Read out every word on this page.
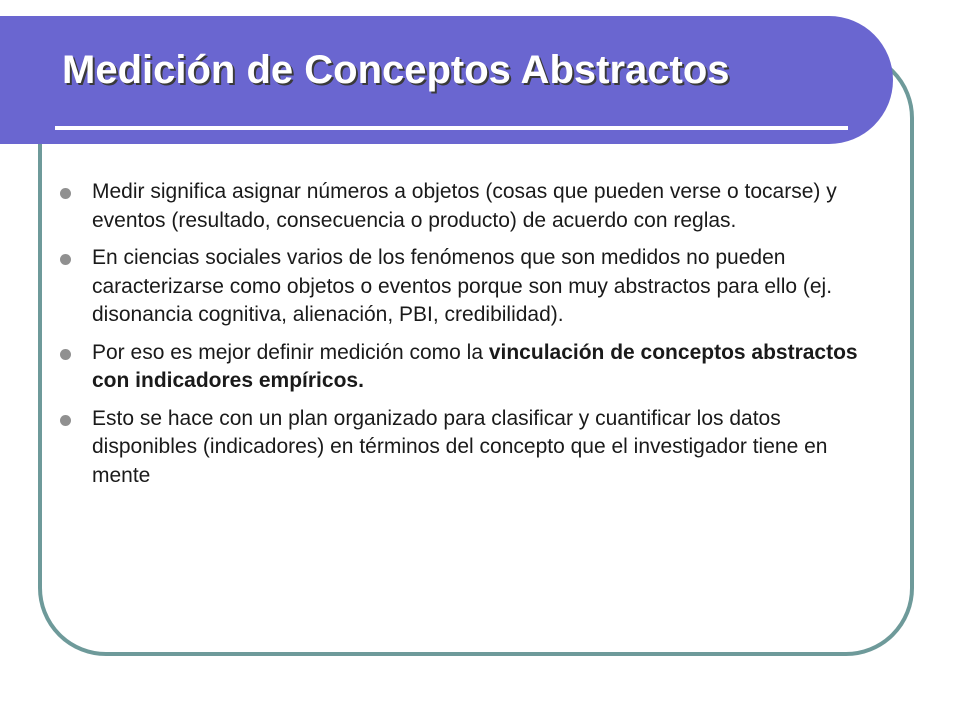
Medición de Conceptos Abstractos
Medir significa asignar números a objetos (cosas que pueden verse o tocarse) y eventos (resultado, consecuencia o producto) de acuerdo con reglas.
En ciencias sociales varios de los fenómenos que son medidos no pueden caracterizarse como objetos o eventos porque son muy abstractos para ello (ej. disonancia cognitiva, alienación, PBI, credibilidad).
Por eso es mejor definir medición como la vinculación de conceptos abstractos con indicadores empíricos.
Esto se hace con un plan organizado para clasificar y cuantificar los datos disponibles (indicadores) en términos del concepto que el investigador tiene en mente
